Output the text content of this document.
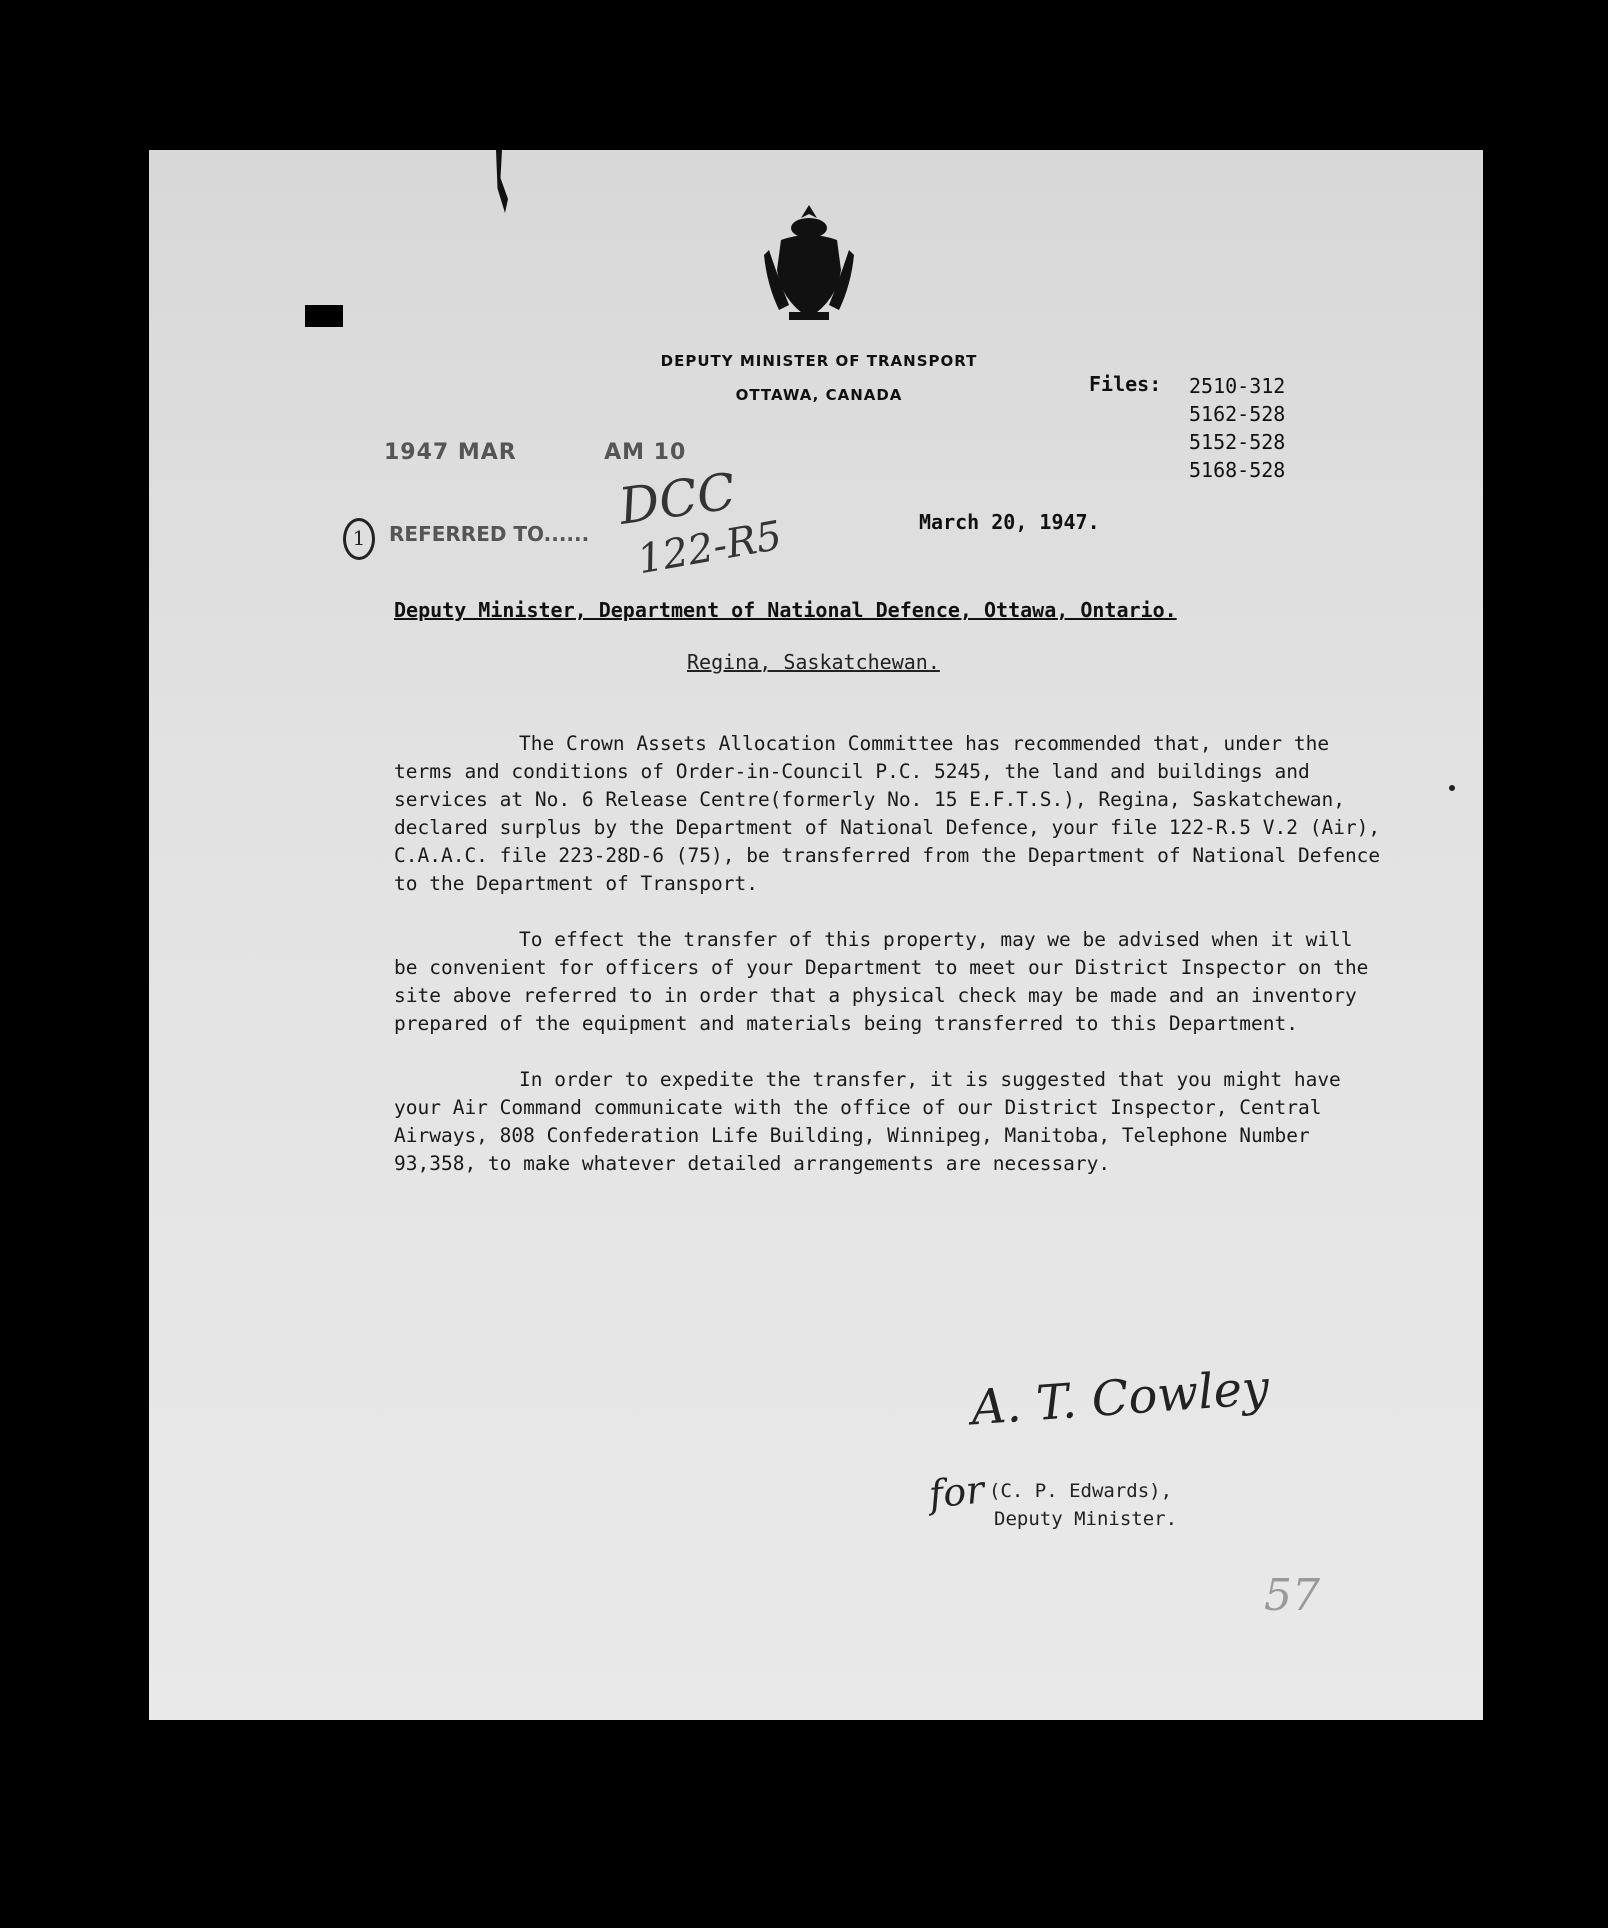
DEPUTY MINISTER OF TRANSPORT
OTTAWA, CANADA	Files: 2510-312
5162-528
5152-528
5168-528
1947 MAR	AM 10
1	REFERRED TO...... DCC
122-R5	March 20, 1947.
Deputy Minister, Department of National Defence, Ottawa, Ontario.
Regina, Saskatchewan.

The Crown Assets Allocation Committee has recommended that, under the terms and conditions of Order-in-Council P.C. 5245, the land and buildings and services at No. 6 Release Centre(formerly No. 15 E.F.T.S.), Regina, Saskatchewan, declared surplus by the Department of National Defence, your file 122-R.5 V.2 (Air), C.A.A.C. file 223-28D-6 (75), be transferred from the Department of National Defence to the Department of Transport.

To effect the transfer of this property, may we be advised when it will be convenient for officers of your Department to meet our District Inspector on the site above referred to in order that a physical check may be made and an inventory prepared of the equipment and materials being transferred to this Department.

In order to expedite the transfer, it is suggested that you might have your Air Command communicate with the office of our District Inspector, Central Airways, 808 Confederation Life Building, Winnipeg, Manitoba, Telephone Number 93,358, to make whatever detailed arrangements are necessary.

A. T. Cowley
for (C. P. Edwards),
Deputy Minister.
57
